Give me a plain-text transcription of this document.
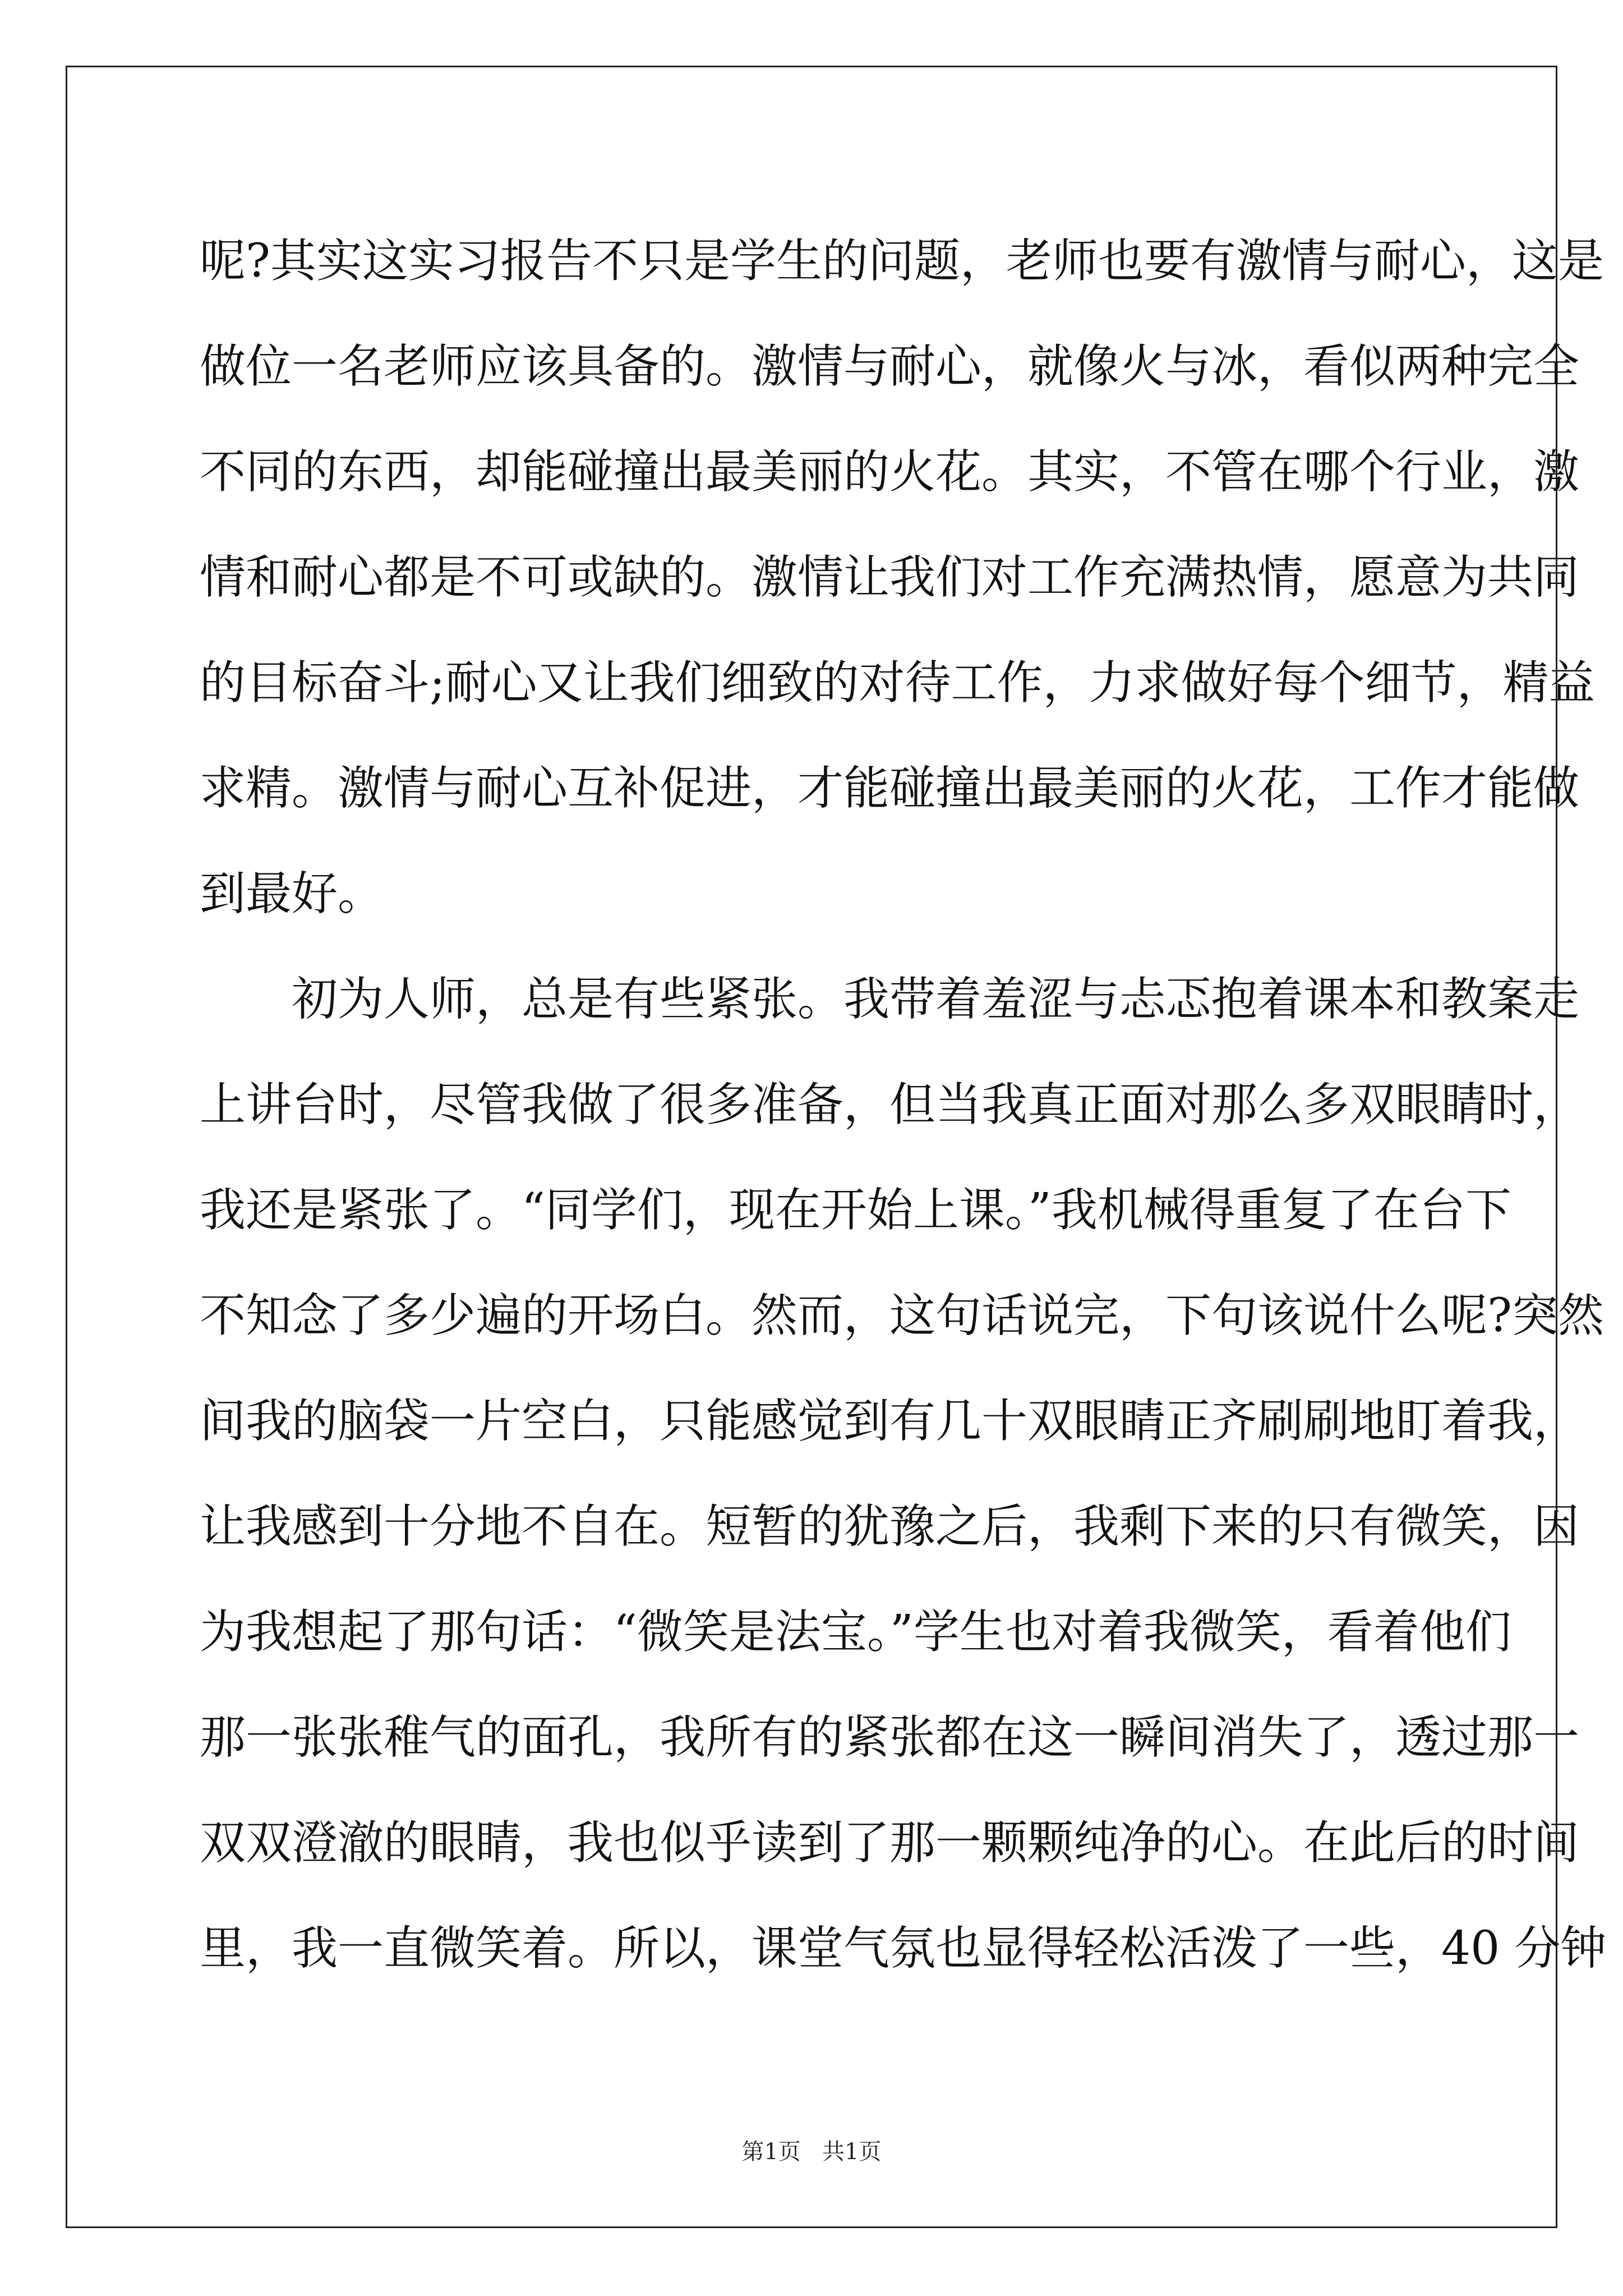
呢?其实这实习报告不只是学生的问题，老师也要有激情与耐心，这是
做位一名老师应该具备的。激情与耐心，就像火与冰，看似两种完全
不同的东西，却能碰撞出最美丽的火花。其实，不管在哪个行业，激
情和耐心都是不可或缺的。激情让我们对工作充满热情，愿意为共同
的目标奋斗;耐心又让我们细致的对待工作，力求做好每个细节，精益
求精。激情与耐心互补促进，才能碰撞出最美丽的火花，工作才能做
到最好。
初为人师，总是有些紧张。我带着羞涩与忐忑抱着课本和教案走
上讲台时，尽管我做了很多准备，但当我真正面对那么多双眼睛时，
我还是紧张了。“同学们，现在开始上课。”我机械得重复了在台下
不知念了多少遍的开场白。然而，这句话说完，下句该说什么呢?突然
间我的脑袋一片空白，只能感觉到有几十双眼睛正齐刷刷地盯着我，
让我感到十分地不自在。短暂的犹豫之后，我剩下来的只有微笑，因
为我想起了那句话：“微笑是法宝。”学生也对着我微笑，看着他们
那一张张稚气的面孔，我所有的紧张都在这一瞬间消失了，透过那一
双双澄澈的眼睛，我也似乎读到了那一颗颗纯净的心。在此后的时间
里，我一直微笑着。所以，课堂气氛也显得轻松活泼了一些，40 分钟
第1页   共1页
